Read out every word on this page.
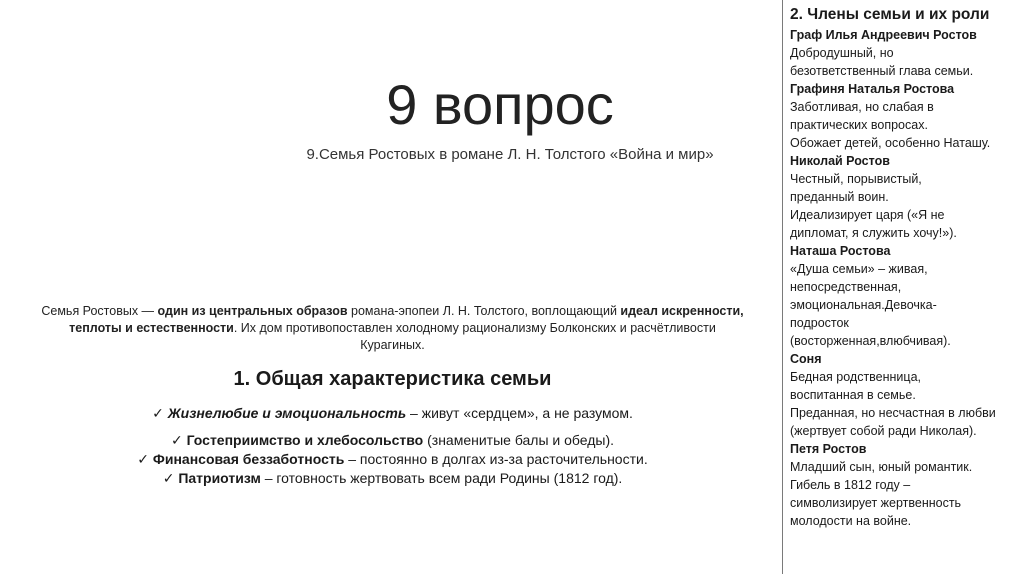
9 вопрос
9.Семья Ростовых в романе Л. Н. Толстого «Война и мир»
Семья Ростовых — один из центральных образов романа-эпопеи Л. Н. Толстого, воплощающий идеал искренности,
теплоты и естественности. Их дом противопоставлен холодному рационализму Болконских и расчётливости
Курагиных.
1. Общая характеристика семьи

✓ Жизнелюбие и эмоциональность – живут «сердцем», а не разумом.

✓ Гостеприимство и хлебосольство (знаменитые балы и обеды).

✓ Финансовая беззаботность – постоянно в долгах из-за расточительности.

✓ Патриотизм – готовность жертвовать всем ради Родины (1812 год).

2. Члены семьи и их роли
Граф Илья Андреевич Ростов
Добродушный, но
безответственный глава семьи.
Графиня Наталья Ростова
Заботливая, но слабая в
практических вопросах.
Обожает детей, особенно Наташу.
Николай Ростов
Честный, порывистый,
преданный воин.
Идеализирует царя («Я не
дипломат, я служить хочу!»).
Наташа Ростова
«Душа семьи» – живая,
непосредственная,
эмоциональная.Девочка-
подросток
(восторженная,влюбчивая).
Соня
Бедная родственница,
воспитанная в семье.
Преданная, но несчастная в любви
(жертвует собой ради Николая).
Петя Ростов
Младший сын, юный романтик.
Гибель в 1812 году –
символизирует жертвенность
молодости на войне.
